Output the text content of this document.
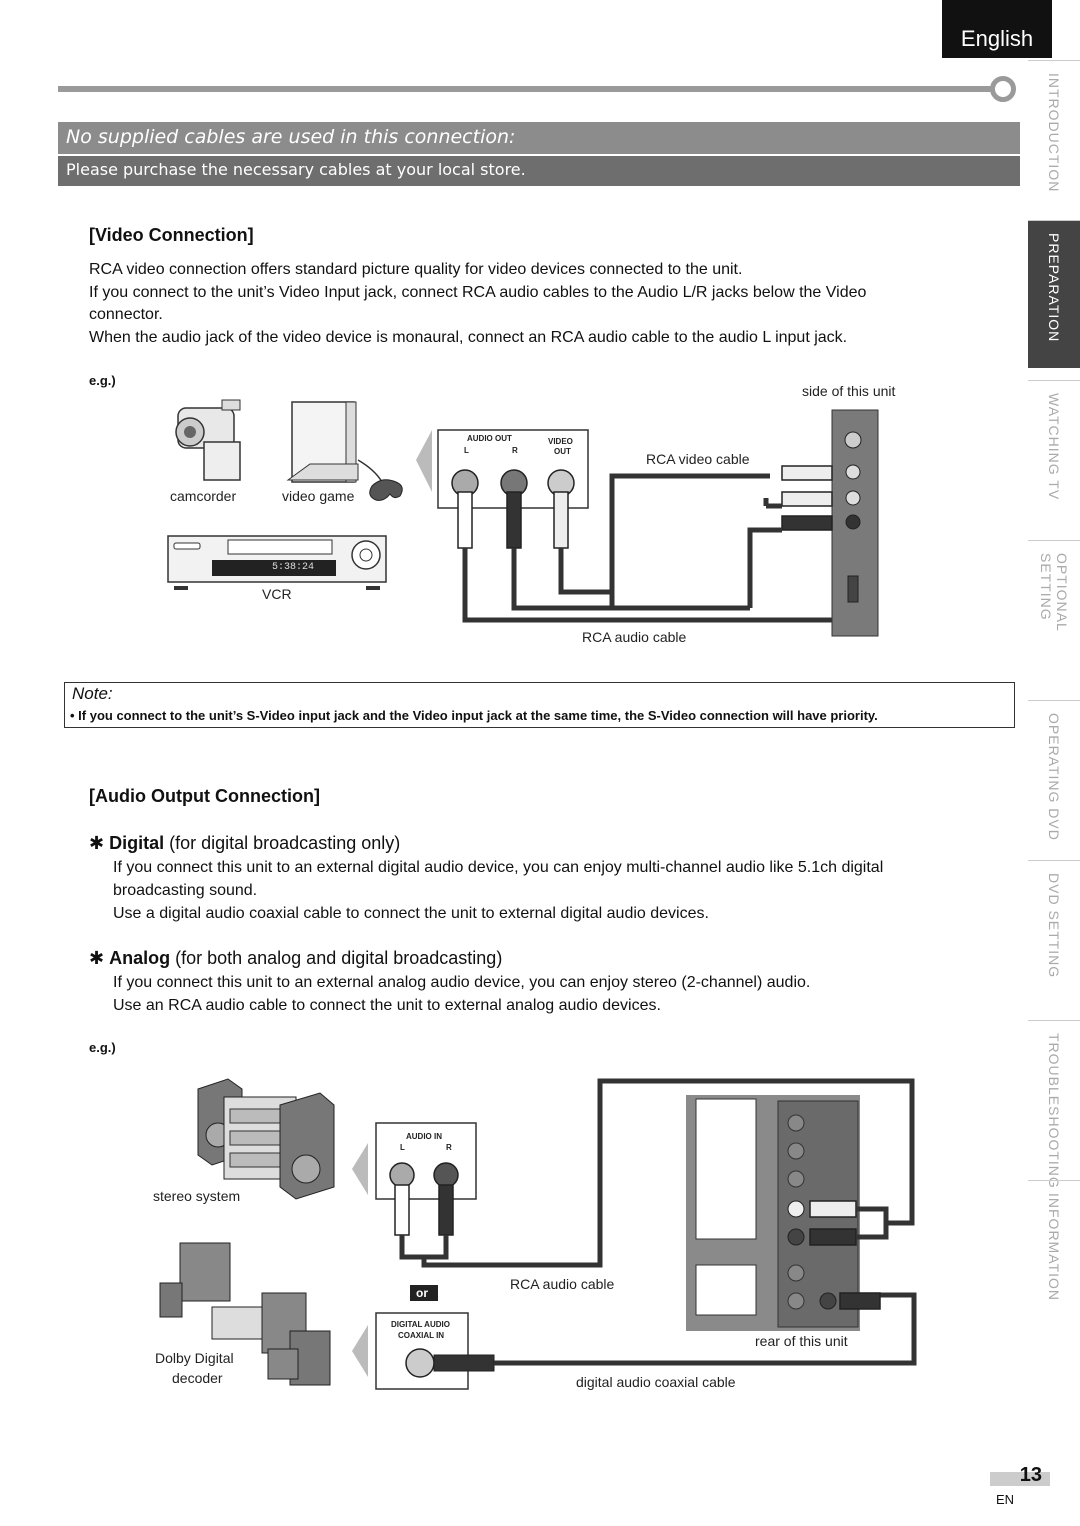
English
No supplied cables are used in this connection:
Please purchase the necessary cables at your local store.	INTRODUCTION
PREPARATION
WATCHING TV
OPTIONAL SETTING
OPERATING DVD
DVD SETTING
TROUBLESHOOTING
INFORMATION
[Video Connection]
RCA video connection offers standard picture quality for video devices connected to the unit.
If you connect to the unit’s Video Input jack, connect RCA audio cables to the Audio L/R jacks below the Video
connector.
When the audio jack of the video device is monaural, connect an RCA audio cable to the audio L input jack.
e.g.)
side of this unit
camcorder	video game
VCR
RCA video cable
RCA audio cable
AUDIO OUT
L	R
VIDEO
OUT
5:38:24
Note:
• If you connect to the unit’s S-Video input jack and the Video input jack at the same time, the S-Video connection will have priority.
[Audio Output Connection]
✱ Digital (for digital broadcasting only)
If you connect this unit to an external digital audio device, you can enjoy multi-channel audio like 5.1ch digital
broadcasting sound.
Use a digital audio coaxial cable to connect the unit to external digital audio devices.
✱ Analog (for both analog and digital broadcasting)
If you connect this unit to an external analog audio device, you can enjoy stereo (2-channel) audio.
Use an RCA audio cable to connect the unit to external analog audio devices.
e.g.)
stereo system
Dolby Digital
decoder
AUDIO IN
L	R
or
DIGITAL AUDIO
COAXIAL IN
RCA audio cable
rear of this unit
digital audio coaxial cable
13
EN
